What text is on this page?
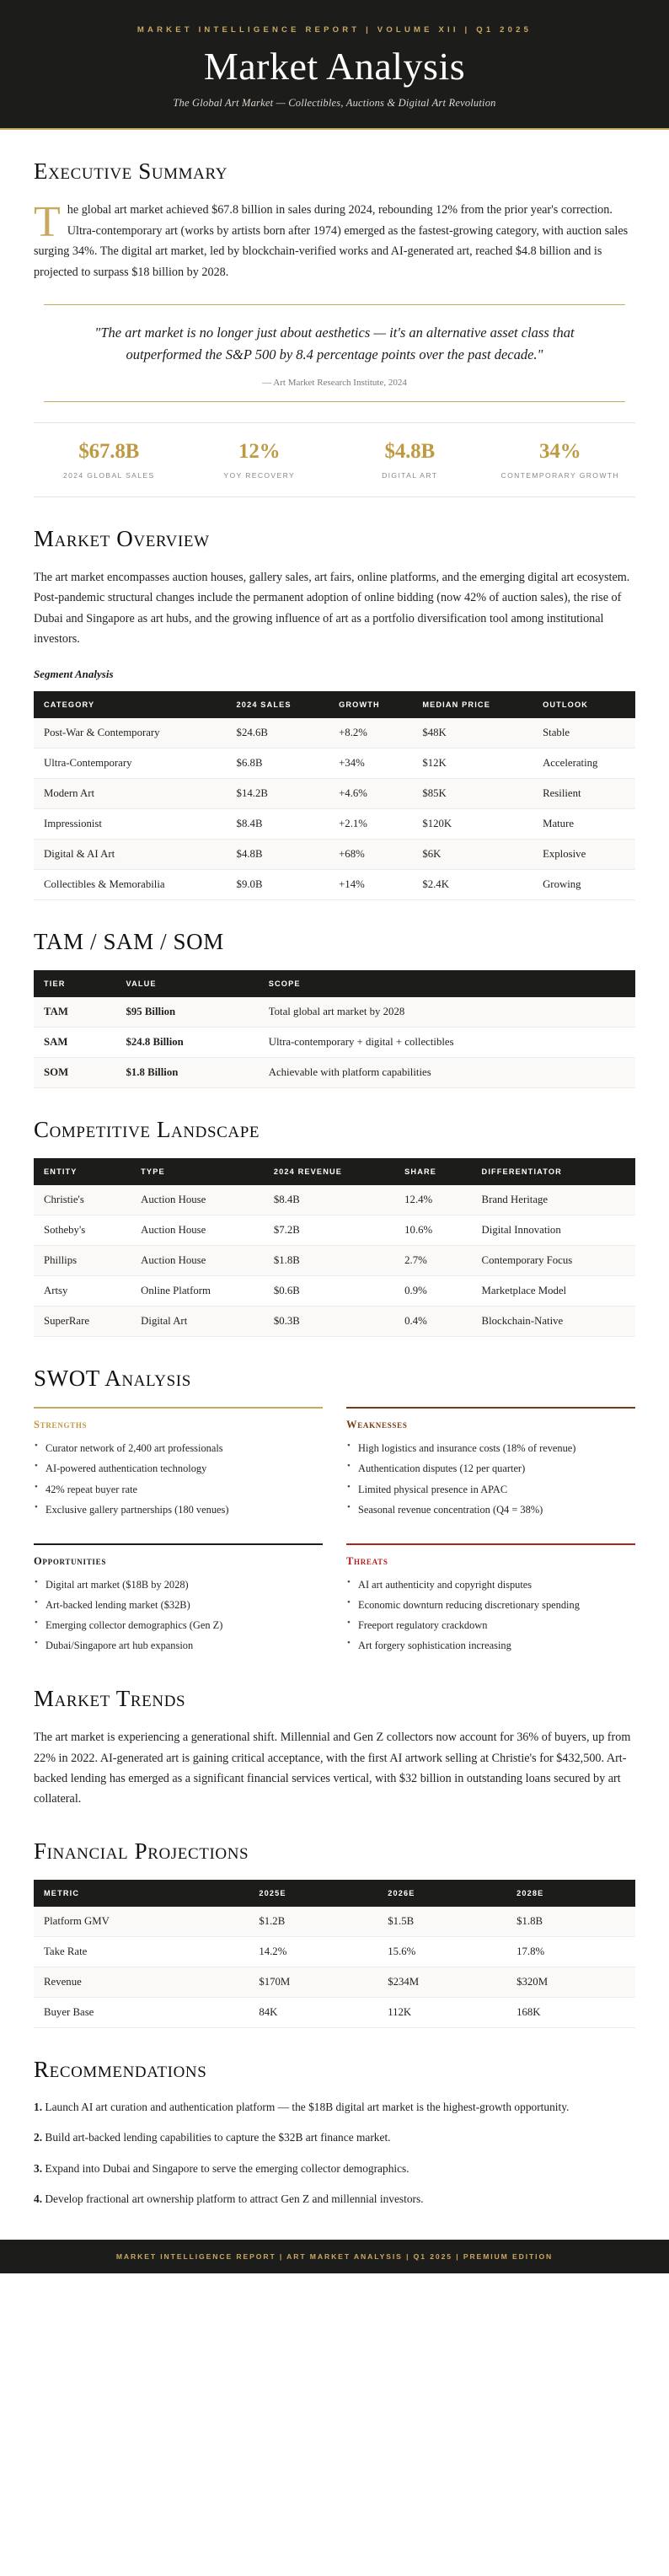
MARKET INTELLIGENCE REPORT | VOLUME XII | Q1 2025
Market Analysis
The Global Art Market — Collectibles, Auctions & Digital Art Revolution
Executive Summary

The global art market achieved $67.8 billion in sales during 2024, rebounding 12% from the prior year's correction. Ultra-contemporary art (works by artists born after 1974) emerged as the fastest-growing category, with auction sales surging 34%. The digital art market, led by blockchain-verified works and AI-generated art, reached $4.8 billion and is projected to surpass $18 billion by 2028.

"The art market is no longer just about aesthetics — it's an alternative asset class that outperformed the S&P 500 by 8.4 percentage points over the past decade."
— Art Market Research Institute, 2024
$67.8B
2024 GLOBAL SALES
12%
YOY RECOVERY
$4.8B
DIGITAL ART
34%
CONTEMPORARY GROWTH
Market Overview

The art market encompasses auction houses, gallery sales, art fairs, online platforms, and the emerging digital art ecosystem. Post-pandemic structural changes include the permanent adoption of online bidding (now 42% of auction sales), the rise of Dubai and Singapore as art hubs, and the growing influence of art as a portfolio diversification tool among institutional investors.

Segment Analysis
CATEGORY	2024 SALES	GROWTH	MEDIAN PRICE	OUTLOOK
Post-War & Contemporary	$24.6B	+8.2%	$48K	Stable
Ultra-Contemporary	$6.8B	+34%	$12K	Accelerating
Modern Art	$14.2B	+4.6%	$85K	Resilient
Impressionist	$8.4B	+2.1%	$120K	Mature
Digital & AI Art	$4.8B	+68%	$6K	Explosive
Collectibles & Memorabilia	$9.0B	+14%	$2.4K	Growing
TAM / SAM / SOM
TIER	VALUE	SCOPE
TAM	$95 Billion	Total global art market by 2028
SAM	$24.8 Billion	Ultra-contemporary + digital + collectibles
SOM	$1.8 Billion	Achievable with platform capabilities
Competitive Landscape
ENTITY	TYPE	2024 REVENUE	SHARE	DIFFERENTIATOR
Christie's	Auction House	$8.4B	12.4%	Brand Heritage
Sotheby's	Auction House	$7.2B	10.6%	Digital Innovation
Phillips	Auction House	$1.8B	2.7%	Contemporary Focus
Artsy	Online Platform	$0.6B	0.9%	Marketplace Model
SuperRare	Digital Art	$0.3B	0.4%	Blockchain-Native
SWOT Analysis
Strengths
• Curator network of 2,400 art professionals
• AI-powered authentication technology
• 42% repeat buyer rate
• Exclusive gallery partnerships (180 venues)
Weaknesses
• High logistics and insurance costs (18% of revenue)
• Authentication disputes (12 per quarter)
• Limited physical presence in APAC
• Seasonal revenue concentration (Q4 = 38%)
Opportunities
• Digital art market ($18B by 2028)
• Art-backed lending market ($32B)
• Emerging collector demographics (Gen Z)
• Dubai/Singapore art hub expansion
Threats
• AI art authenticity and copyright disputes
• Economic downturn reducing discretionary spending
• Freeport regulatory crackdown
• Art forgery sophistication increasing
Market Trends

The art market is experiencing a generational shift. Millennial and Gen Z collectors now account for 36% of buyers, up from 22% in 2022. AI-generated art is gaining critical acceptance, with the first AI artwork selling at Christie's for $432,500. Art-backed lending has emerged as a significant financial services vertical, with $32 billion in outstanding loans secured by art collateral.

Financial Projections
METRIC	2025E	2026E	2028E
Platform GMV	$1.2B	$1.5B	$1.8B
Take Rate	14.2%	15.6%	17.8%
Revenue	$170M	$234M	$320M
Buyer Base	84K	112K	168K
Recommendations
1. Launch AI art curation and authentication platform — the $18B digital art market is the highest-growth opportunity.
2. Build art-backed lending capabilities to capture the $32B art finance market.
3. Expand into Dubai and Singapore to serve the emerging collector demographics.
4. Develop fractional art ownership platform to attract Gen Z and millennial investors.
MARKET INTELLIGENCE REPORT | ART MARKET ANALYSIS | Q1 2025 | PREMIUM EDITION
